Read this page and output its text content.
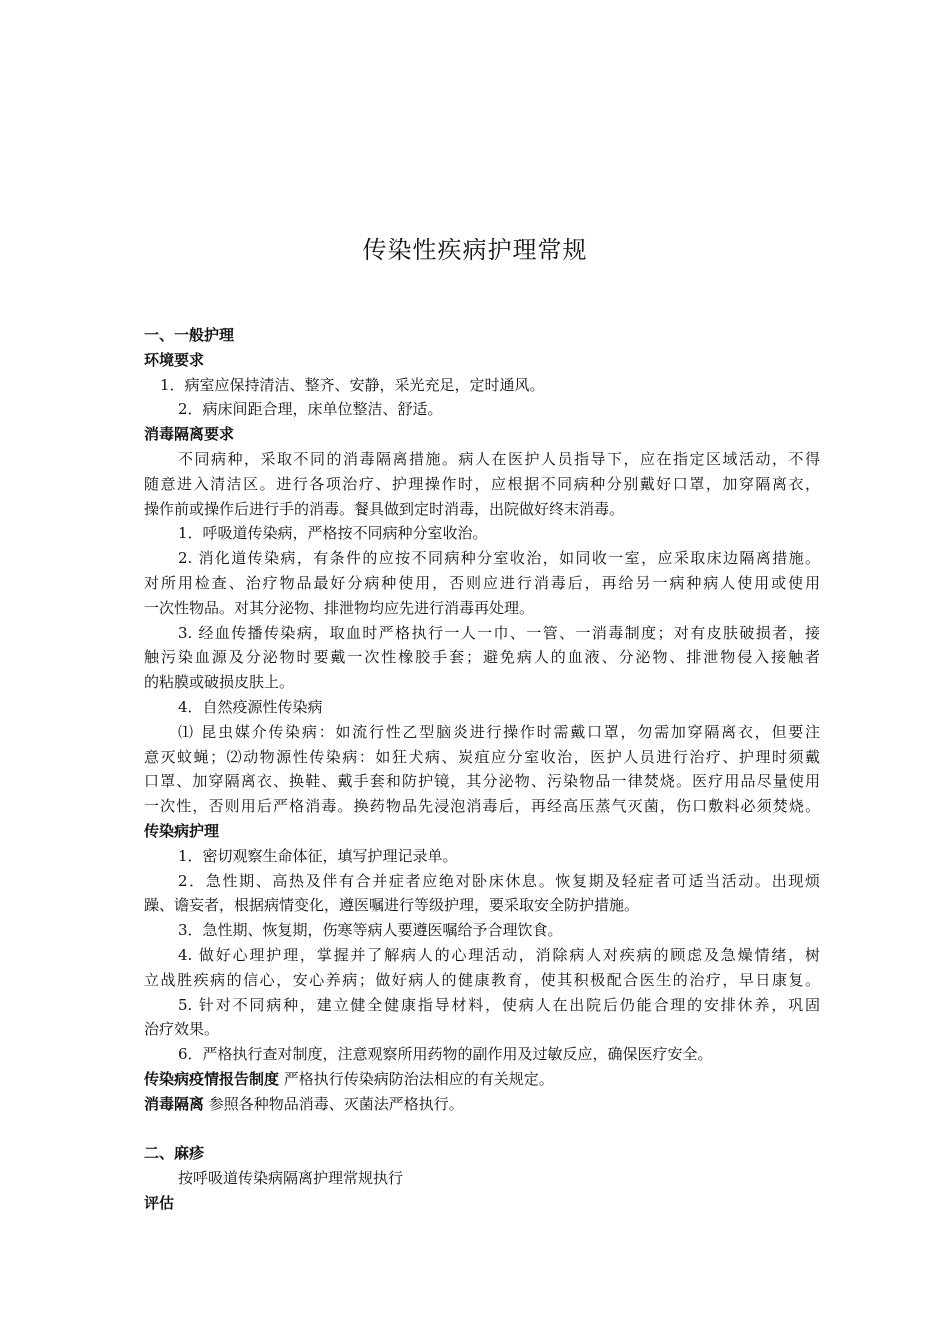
传染性疾病护理常规
一、一般护理
环境要求
1．病室应保持清洁、整齐、安静，采光充足，定时通风。
2．病床间距合理，床单位整洁、舒适。
消毒隔离要求
不同病种，采取不同的消毒隔离措施。病人在医护人员指导下，应在指定区域活动，不得
随意进入清洁区。进行各项治疗、护理操作时，应根据不同病种分别戴好口罩，加穿隔离衣，
操作前或操作后进行手的消毒。餐具做到定时消毒，出院做好终末消毒。
1．呼吸道传染病，严格按不同病种分室收治。
2. 消化道传染病，有条件的应按不同病种分室收治，如同收一室，应采取床边隔离措施。
对所用检查、治疗物品最好分病种使用，否则应进行消毒后，再给另一病种病人使用或使用
一次性物品。对其分泌物、排泄物均应先进行消毒再处理。
3. 经血传播传染病，取血时严格执行一人一巾、一管、一消毒制度；对有皮肤破损者，接
触污染血源及分泌物时要戴一次性橡胶手套；避免病人的血液、分泌物、排泄物侵入接触者
的粘膜或破损皮肤上。
4．自然疫源性传染病
⑴ 昆虫媒介传染病：如流行性乙型脑炎进行操作时需戴口罩，勿需加穿隔离衣，但要注
意灭蚊蝇；⑵动物源性传染病：如狂犬病、炭疽应分室收治，医护人员进行治疗、护理时须戴
口罩、加穿隔离衣、换鞋、戴手套和防护镜，其分泌物、污染物品一律焚烧。医疗用品尽量使用
一次性，否则用后严格消毒。换药物品先浸泡消毒后，再经高压蒸气灭菌，伤口敷料必须焚烧。
传染病护理
1．密切观察生命体征，填写护理记录单。
2．急性期、高热及伴有合并症者应绝对卧床休息。恢复期及轻症者可适当活动。出现烦
躁、谵妄者，根据病情变化，遵医嘱进行等级护理，要采取安全防护措施。
3．急性期、恢复期，伤寒等病人要遵医嘱给予合理饮食。
4. 做好心理护理，掌握并了解病人的心理活动，消除病人对疾病的顾虑及急燥情绪，树
立战胜疾病的信心，安心养病；做好病人的健康教育，使其积极配合医生的治疗，早日康复。
5. 针对不同病种，建立健全健康指导材料，使病人在出院后仍能合理的安排休养，巩固
治疗效果。
6．严格执行查对制度，注意观察所用药物的副作用及过敏反应，确保医疗安全。
传染病疫情报告制度 严格执行传染病防治法相应的有关规定。
消毒隔离 参照各种物品消毒、灭菌法严格执行。
二、麻疹
按呼吸道传染病隔离护理常规执行
评估
